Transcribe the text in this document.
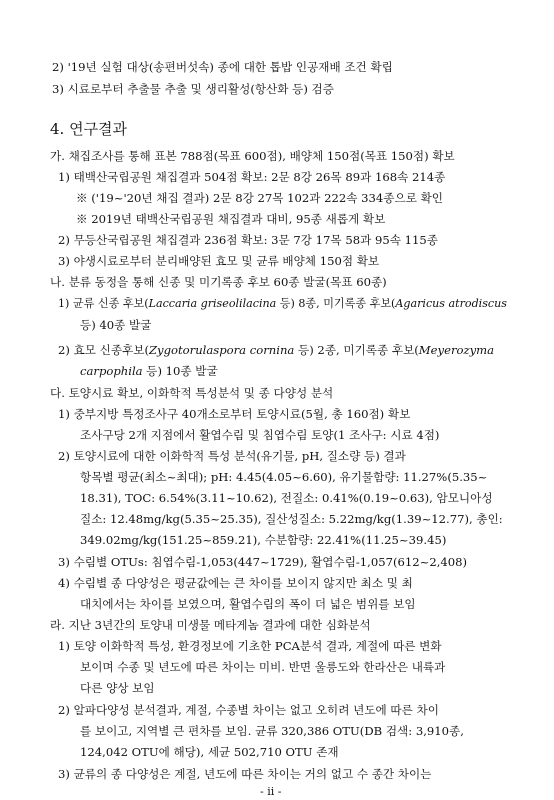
2) '19년 실험 대상(송편버섯속) 종에 대한 톱밥 인공재배 조건 확립
3) 시료로부터 추출물 추출 및 생리활성(항산화 등) 검증
4. 연구결과
가. 채집조사를 통해 표본 788점(목표 600점), 배양체 150점(목표 150점) 확보
1) 태백산국립공원 채집결과 504점 확보: 2문 8강 26목 89과 168속 214종
※ ('19~'20년 채집 결과) 2문 8강 27목 102과 222속 334종으로 확인
※ 2019년 태백산국립공원 채집결과 대비, 95종 새롭게 확보
2) 무등산국립공원 채집결과 236점 확보: 3문 7강 17목 58과 95속 115종
3) 야생시료로부터 분리배양된 효모 및 균류 배양체 150점 확보
나. 분류 동정을 통해 신종 및 미기록종 후보 60종 발굴(목표 60종)
1) 균류 신종 후보(Laccaria griseolilacina 등) 8종, 미기록종 후보(Agaricus atrodiscus
등) 40종 발굴
2) 효모 신종후보(Zygotorulaspora cornina 등) 2종, 미기록종 후보(Meyerozyma
carpophila 등) 10종 발굴
다. 토양시료 확보, 이화학적 특성분석 및 종 다양성 분석
1) 중부지방 특정조사구 40개소로부터 토양시료(5월, 총 160점) 확보
조사구당 2개 지점에서 활엽수림 및 침엽수림 토양(1 조사구: 시료 4점)
2) 토양시료에 대한 이화학적 특성 분석(유기물, pH, 질소량 등) 결과
항목별 평균(최소~최대); pH: 4.45(4.05~6.60), 유기물함량: 11.27%(5.35~
18.31), TOC: 6.54%(3.11~10.62), 전질소: 0.41%(0.19~0.63), 암모니아성
질소: 12.48mg/kg(5.35~25.35), 질산성질소: 5.22mg/kg(1.39~12.77), 총인:
349.02mg/kg(151.25~859.21), 수분함량: 22.41%(11.25~39.45)
3) 수림별 OTUs: 침엽수림-1,053(447~1729), 활엽수림-1,057(612~2,408)
4) 수림별 종 다양성은 평균값에는 큰 차이를 보이지 않지만 최소 및 최
대치에서는 차이를 보였으며, 활엽수림의 폭이 더 넓은 범위를 보임
라. 지난 3년간의 토양내 미생물 메타게놈 결과에 대한 심화분석
1) 토양 이화학적 특성, 환경정보에 기초한 PCA분석 결과, 계절에 따른 변화
보이며 수종 및 년도에 따른 차이는 미비. 반면 울릉도와 한라산은 내륙과
다른 양상 보임
2) 알파다양성 분석결과, 계절, 수종별 차이는 없고 오히려 년도에 따른 차이
를 보이고, 지역별 큰 편차를 보임. 균류 320,386 OTU(DB 검색: 3,910종,
124,042 OTU에 해당), 세균 502,710 OTU 존재
3) 균류의 종 다양성은 계절, 년도에 따른 차이는 거의 없고 수 종간 차이는
- ii -
